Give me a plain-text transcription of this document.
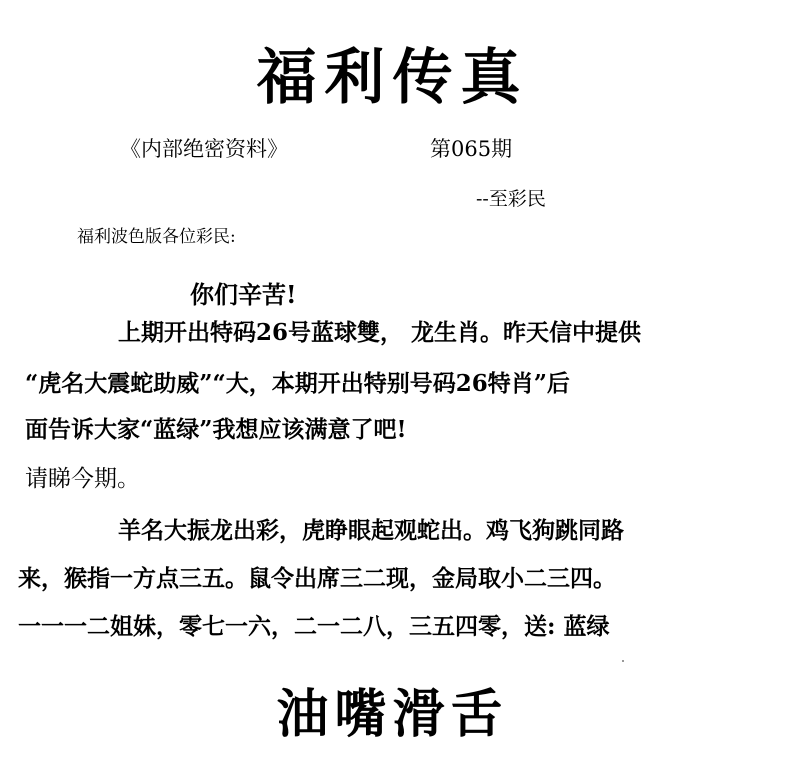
福利传真
《内部绝密资料》	第065期
--至彩民
福利波色版各位彩民:
你们辛苦!
上期开出特码26号蓝球雙， 龙生肖。昨天信中提供
“虎名大震蛇助威”“大，本期开出特别号码26特肖”后
面告诉大家“蓝绿”我想应该满意了吧!
请睇今期。
羊名大振龙出彩，虎睁眼起观蛇出。鸡飞狗跳同路
来，猴指一方点三五。鼠令出席三二现，金局取小二三四。
一一一二姐妹，零七一六，二一二八，三五四零，送: 蓝绿
油嘴滑舌
